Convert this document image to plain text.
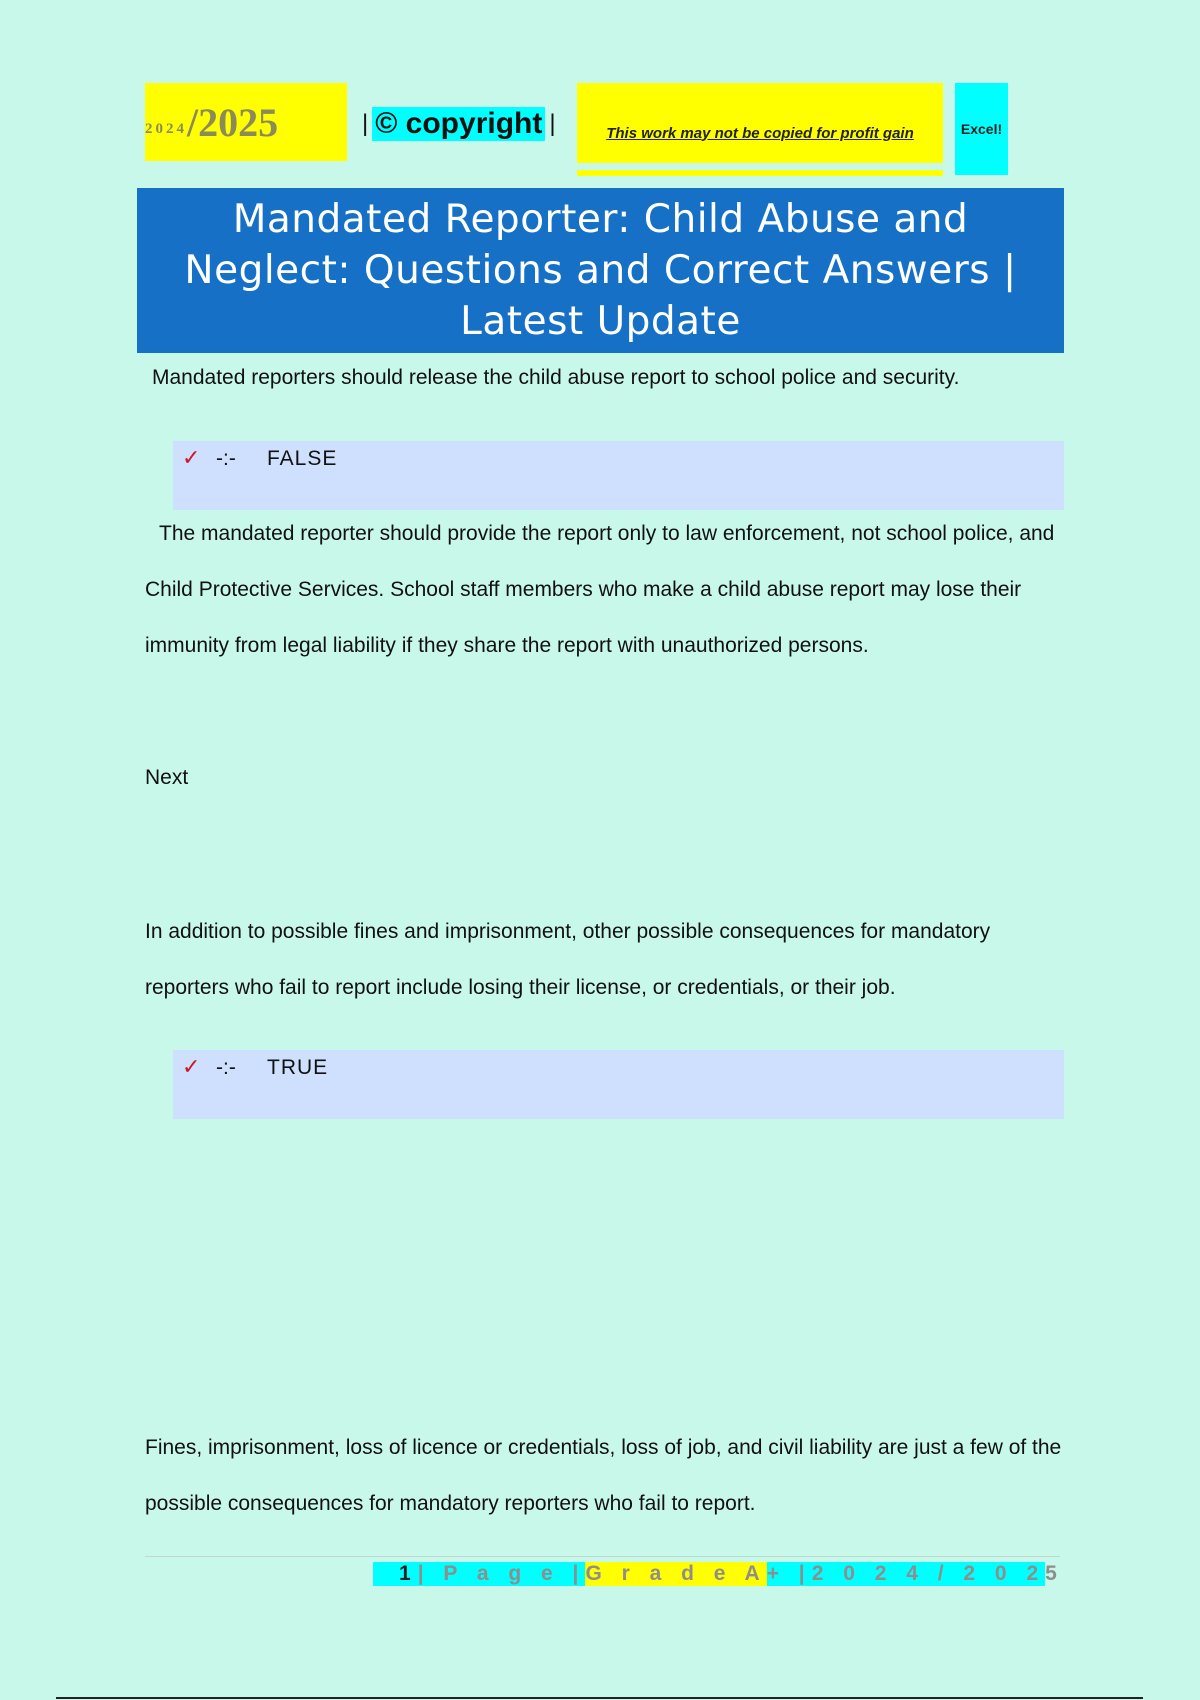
2024 /2025	| © copyright |	This work may not be copied for profit gain	Excel!
Mandated Reporter: Child Abuse and Neglect: Questions and Correct Answers | Latest Update
Mandated reporters should release the child abuse report to school police and security.
✓ -:- FALSE
The mandated reporter should provide the report only to law enforcement, not school police, and Child Protective Services. School staff members who make a child abuse report may lose their immunity from legal liability if they share the report with unauthorized persons.
Next
In addition to possible fines and imprisonment, other possible consequences for mandatory reporters who fail to report include losing their license, or credentials, or their job.
✓ -:- TRUE
Fines, imprisonment, loss of licence or credentials, loss of job, and civil liability are just a few of the possible consequences for mandatory reporters who fail to report.
1 | P a g e | G r a d e A + | 2 0 2 4 / 2 0 2 5
